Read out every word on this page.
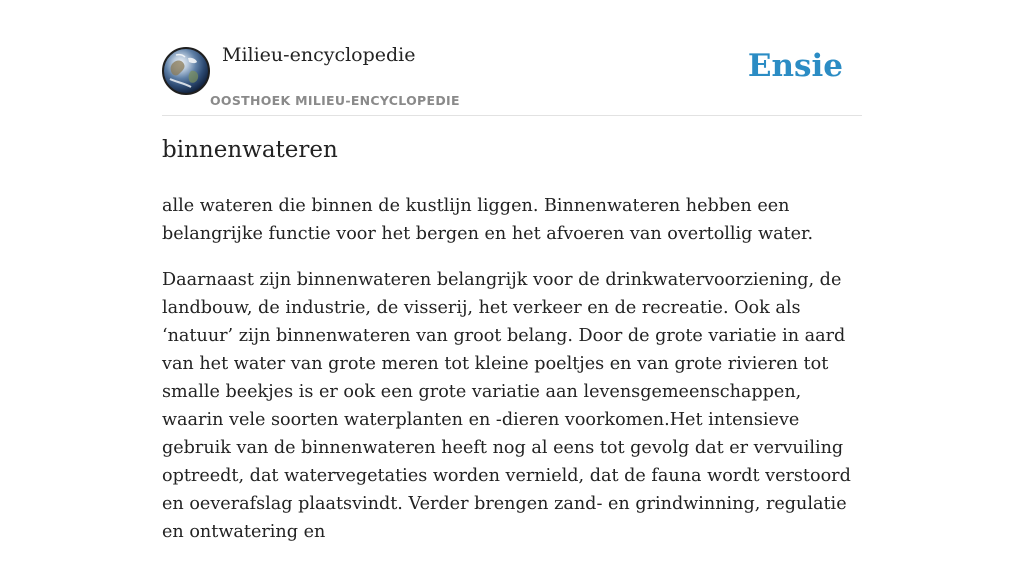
Milieu-encyclopedie
OOSTHOEK MILIEU-ENCYCLOPEDIE
Ensie
binnenwateren

alle wateren die binnen de kustlijn liggen. Binnenwateren hebben een belangrijke functie voor het bergen en het afvoeren van overtollig water.

Daarnaast zijn binnenwateren belangrijk voor de drinkwatervoorziening, de landbouw, de industrie, de visserij, het verkeer en de recreatie. Ook als ‘natuur’ zijn binnenwateren van groot belang. Door de grote variatie in aard van het water van grote meren tot kleine poeltjes en van grote rivieren tot smalle beekjes is er ook een grote variatie aan levensgemeenschappen, waarin vele soorten waterplanten en -dieren voorkomen.Het intensieve gebruik van de binnenwateren heeft nog al eens tot gevolg dat er vervuiling optreedt, dat watervegetaties worden vernield, dat de fauna wordt verstoord en oeverafslag plaatsvindt. Verder brengen zand- en grindwinning, regulatie en ontwatering en
